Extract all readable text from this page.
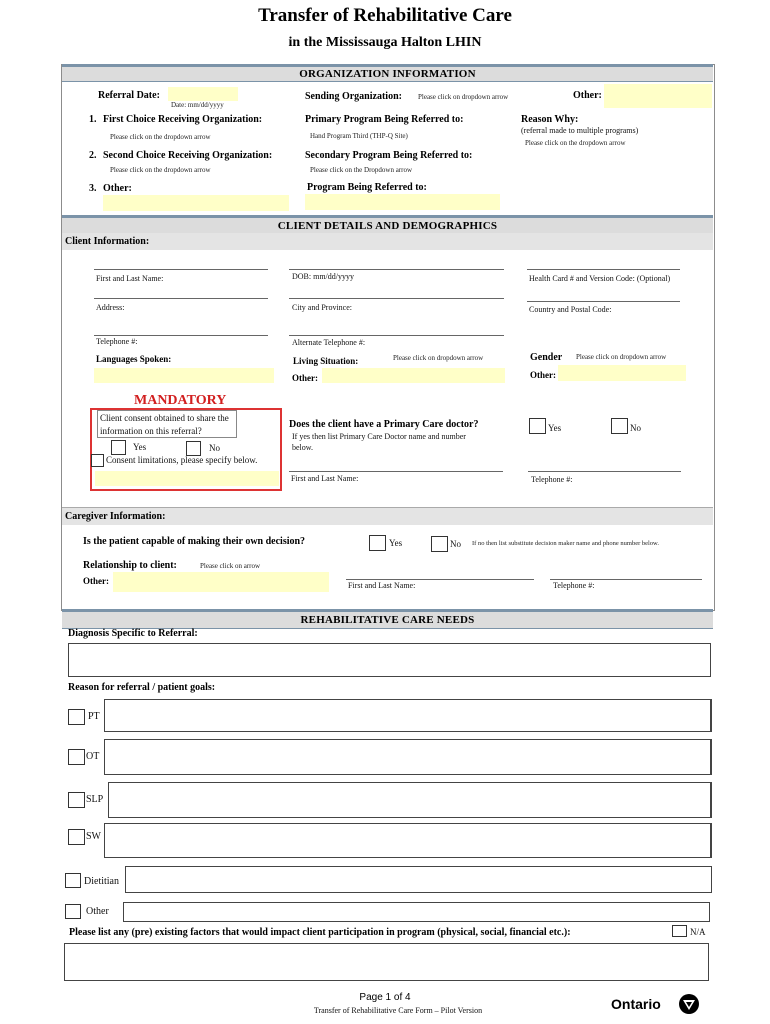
Transfer of Rehabilitative Care
in the Mississauga Halton LHIN
ORGANIZATION INFORMATION
Referral Date:
Date: mm/dd/yyyy
Sending Organization: Please click on dropdown arrow	Other:
1. First Choice Receiving Organization:
Please click on the dropdown arrow
Primary Program Being Referred to:
Hand Program Third (THP-Q Site)
Reason Why:
(referral made to multiple programs)
Please click on the dropdown arrow
2. Second Choice Receiving Organization:
Please click on the dropdown arrow
Secondary Program Being Referred to:
Please click on the Dropdown arrow
3. Other:	Program Being Referred to:
CLIENT DETAILS AND DEMOGRAPHICS
Client Information:
First and Last Name:	DOB: mm/dd/yyyy	Health Card # and Version Code: (Optional)
Address:	City and Province:	Country and Postal Code:
Telephone #:	Alternate Telephone #:
Languages Spoken:	Living Situation:	Please click on dropdown arrow
Other:
Gender Please click on dropdown arrow
Other:
MANDATORY
Client consent obtained to share the
information on this referral?
Yes	No
Consent limitations, please specify below.
Does the client have a Primary Care doctor?
If yes then list Primary Care Doctor name and number
below.
Yes	No
First and Last Name:	Telephone #:
Caregiver Information:
Is the patient capable of making their own decision?	Yes	No If no then list substitute decision maker name and phone number below.
Relationship to client:	Please click on arrow
Other:	First and Last Name:	Telephone #:
REHABILITATIVE CARE NEEDS
Diagnosis Specific to Referral:
Reason for referral / patient goals:
PT
OT
SLP
SW
Dietitian
Other
Please list any (pre) existing factors that would impact client participation in program (physical, social, financial etc.):	N/A
Page 1 of 4
Transfer of Rehabilitative Care Form – Pilot Version	Ontario
